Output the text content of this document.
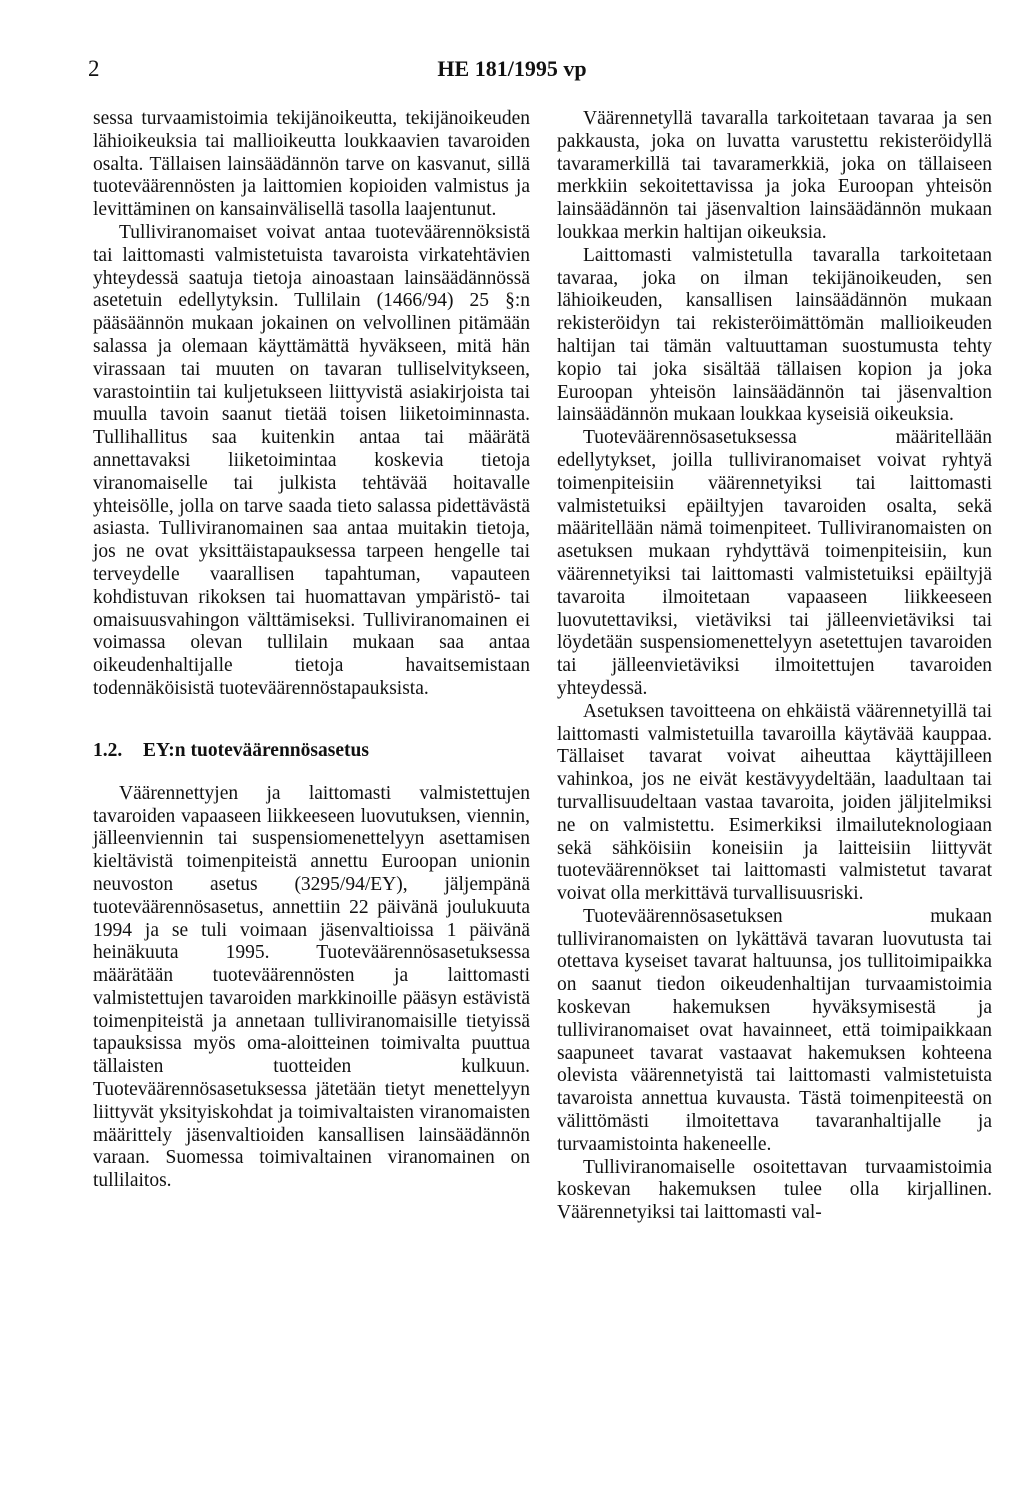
2	HE 181/1995 vp

sessa turvaamistoimia tekijänoikeutta, tekijänoikeuden lähioikeuksia tai mallioikeutta loukkaavien tavaroiden osalta. Tällaisen lainsäädännön tarve on kasvanut, sillä tuoteväärennösten ja laittomien kopioiden valmistus ja levittäminen on kansainvälisellä tasolla laajentunut.

Tulliviranomaiset voivat antaa tuoteväärennöksistä tai laittomasti valmistetuista tavaroista virkatehtävien yhteydessä saatuja tietoja ainoastaan lainsäädännössä asetetuin edellytyksin. Tullilain (1466/94) 25 §:n pääsäännön mukaan jokainen on velvollinen pitämään salassa ja olemaan käyttämättä hyväkseen, mitä hän virassaan tai muuten on tavaran tulliselvitykseen, varastointiin tai kuljetukseen liittyvistä asiakirjoista tai muulla tavoin saanut tietää toisen liiketoiminnasta. Tullihallitus saa kuitenkin antaa tai määrätä annettavaksi liiketoimintaa koskevia tietoja viranomaiselle tai julkista tehtävää hoitavalle yhteisölle, jolla on tarve saada tieto salassa pidettävästä asiasta. Tulliviranomainen saa antaa muitakin tietoja, jos ne ovat yksittäistapauksessa tarpeen hengelle tai terveydelle vaarallisen tapahtuman, vapauteen kohdistuvan rikoksen tai huomattavan ympäristö- tai omaisuusvahingon välttämiseksi. Tulliviranomainen ei voimassa olevan tullilain mukaan saa antaa oikeudenhaltijalle tietoja havaitsemistaan todennäköisistä tuoteväärennöstapauksista.

1.2. EY:n tuoteväärennösasetus

Väärennettyjen ja laittomasti valmistettujen tavaroiden vapaaseen liikkeeseen luovutuksen, viennin, jälleenviennin tai suspensiomenettelyyn asettamisen kieltävistä toimenpiteistä annettu Euroopan unionin neuvoston asetus (3295/94/EY), jäljempänä tuoteväärennösasetus, annettiin 22 päivänä joulukuuta 1994 ja se tuli voimaan jäsenvaltioissa 1 päivänä heinäkuuta 1995. Tuoteväärennösasetuksessa määrätään tuoteväärennösten ja laittomasti valmistettujen tavaroiden markkinoille pääsyn estävistä toimenpiteistä ja annetaan tulliviranomaisille tietyissä tapauksissa myös oma-aloitteinen toimivalta puuttua tällaisten tuotteiden kulkuun. Tuoteväärennösasetuksessa jätetään tietyt menettelyyn liittyvät yksityiskohdat ja toimivaltaisten viranomaisten määrittely jäsenvaltioiden kansallisen lainsäädännön varaan. Suomessa toimivaltainen viranomainen on tullilaitos.

Väärennetyllä tavaralla tarkoitetaan tavaraa ja sen pakkausta, joka on luvatta varustettu rekisteröidyllä tavaramerkillä tai tavaramerkkiä, joka on tällaiseen merkkiin sekoitettavissa ja joka Euroopan yhteisön lainsäädännön tai jäsenvaltion lainsäädännön mukaan loukkaa merkin haltijan oikeuksia.

Laittomasti valmistetulla tavaralla tarkoitetaan tavaraa, joka on ilman tekijänoikeuden, sen lähioikeuden, kansallisen lainsäädännön mukaan rekisteröidyn tai rekisteröimättömän mallioikeuden haltijan tai tämän valtuuttaman suostumusta tehty kopio tai joka sisältää tällaisen kopion ja joka Euroopan yhteisön lainsäädännön tai jäsenvaltion lainsäädännön mukaan loukkaa kyseisiä oikeuksia.

Tuoteväärennösasetuksessa määritellään edellytykset, joilla tulliviranomaiset voivat ryhtyä toimenpiteisiin väärennetyiksi tai laittomasti valmistetuiksi epäiltyjen tavaroiden osalta, sekä määritellään nämä toimenpiteet. Tulliviranomaisten on asetuksen mukaan ryhdyttävä toimenpiteisiin, kun väärennetyiksi tai laittomasti valmistetuiksi epäiltyjä tavaroita ilmoitetaan vapaaseen liikkeeseen luovutettaviksi, vietäviksi tai jälleenvietäviksi tai löydetään suspensiomenettelyyn asetettujen tavaroiden tai jälleenvietäviksi ilmoitettujen tavaroiden yhteydessä.

Asetuksen tavoitteena on ehkäistä väärennetyillä tai laittomasti valmistetuilla tavaroilla käytävää kauppaa. Tällaiset tavarat voivat aiheuttaa käyttäjilleen vahinkoa, jos ne eivät kestävyydeltään, laadultaan tai turvallisuudeltaan vastaa tavaroita, joiden jäljitelmiksi ne on valmistettu. Esimerkiksi ilmailuteknologiaan sekä sähköisiin koneisiin ja laitteisiin liittyvät tuoteväärennökset tai laittomasti valmistetut tavarat voivat olla merkittävä turvallisuusriski.

Tuoteväärennösasetuksen mukaan tulliviranomaisten on lykättävä tavaran luovutusta tai otettava kyseiset tavarat haltuunsa, jos tullitoimipaikka on saanut tiedon oikeudenhaltijan turvaamistoimia koskevan hakemuksen hyväksymisestä ja tulliviranomaiset ovat havainneet, että toimipaikkaan saapuneet tavarat vastaavat hakemuksen kohteena olevista väärennetyistä tai laittomasti valmistetuista tavaroista annettua kuvausta. Tästä toimenpiteestä on välittömästi ilmoitettava tavaranhaltijalle ja turvaamistointa hakeneelle.

Tulliviranomaiselle osoitettavan turvaamistoimia koskevan hakemuksen tulee olla kirjallinen. Väärennetyiksi tai laittomasti val-
